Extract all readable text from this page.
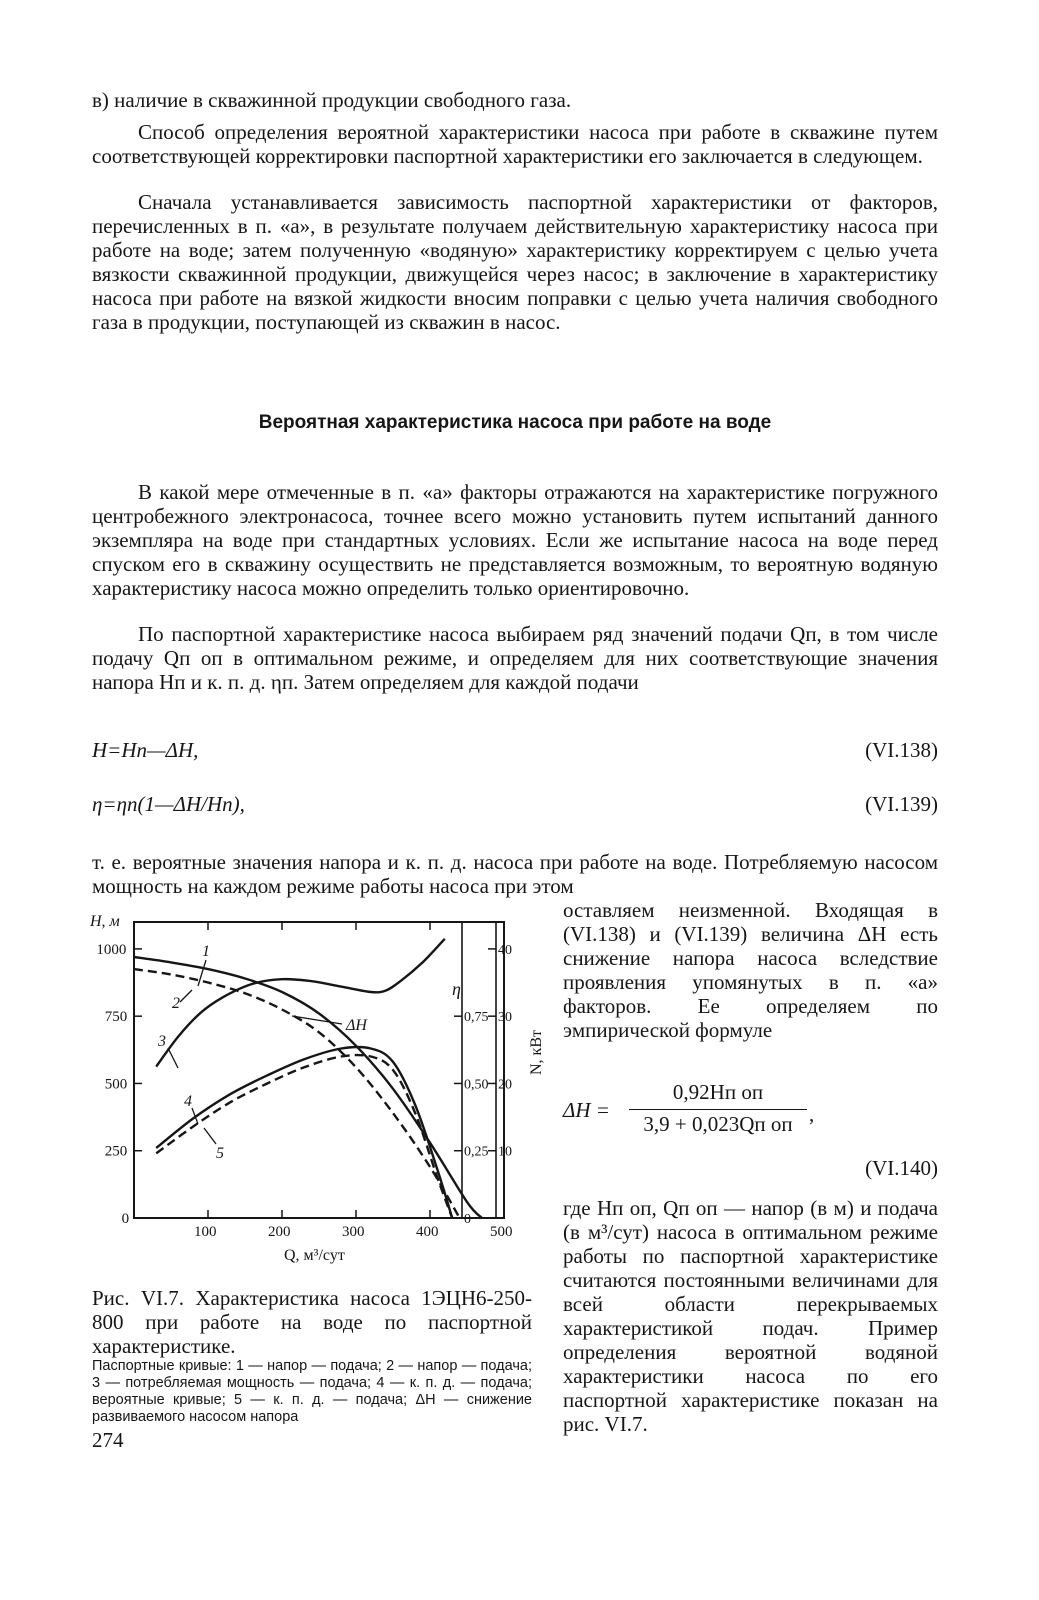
в) наличие в скважинной продукции свободного газа.

Способ определения вероятной характеристики насоса при работе в скважине путем соответствующей корректировки паспортной характеристики его заключается в следующем.

Сначала устанавливается зависимость паспортной характеристики от факторов, перечисленных в п. «а», в результате получаем действительную характеристику насоса при работе на воде; затем полученную «водяную» характеристику корректируем с целью учета вязкости скважинной продукции, движущейся через насос; в заключение в характеристику насоса при работе на вязкой жидкости вносим поправки с целью учета наличия свободного газа в продукции, поступающей из скважин в насос.

Вероятная характеристика насоса при работе на воде

В какой мере отмеченные в п. «а» факторы отражаются на характеристике погружного центробежного электронасоса, точнее всего можно установить путем испытаний данного экземпляра на воде при стандартных условиях. Если же испытание насоса на воде перед спуском его в скважину осуществить не представляется возможным, то вероятную водяную характеристику насоса можно определить только ориентировочно.

По паспортной характеристике насоса выбираем ряд значений подачи Qп, в том числе подачу Qп оп в оптимальном режиме, и определяем для них соответствующие значения напора Hп и к. п. д. ηп. Затем определяем для каждой подачи

H=Hп—ΔH,	(VI.138)
η=ηп(1—ΔH/Hп),	(VI.139)

т. е. вероятные значения напора и к. п. д. насоса при работе на воде. Потребляемую насосом мощность на каждом режиме работы насоса при этом

оставляем неизменной. Входящая в (VI.138) и (VI.139) величина ΔH есть снижение напора насоса вследствие проявления упомянутых в п. «а» факторов. Ее определяем по эмпирической формуле

ΔH =
0,92Hп оп
3,9 + 0,023Qп оп ,
(VI.140)

где Hп оп, Qп оп — напор (в м) и подача (в м³/сут) насоса в оптимальном режиме работы по паспортной характеристике считаются постоянными величинами для всей области перекрываемых характеристикой подач. Пример определения вероятной водяной характеристики насоса по его паспортной характеристике показан на рис. VI.7.

100	200	300	400	500
0
250
500
750
1000
0
0,25
0,50
0,75
10
20
30
40
1
2
3
4
5
ΔH
H, м
η
N, кВт
Q, м³/сут

Рис. VI.7. Характеристика насоса 1ЭЦН6-250-800 при работе на воде по паспортной характеристике.

Паспортные кривые: 1 — напор — подача; 2 — напор — подача; 3 — потребляемая мощность — подача; 4 — к. п. д. — подача; вероятные кривые; 5 — к. п. д. — подача; ΔH — снижение развиваемого насосом напора

274
